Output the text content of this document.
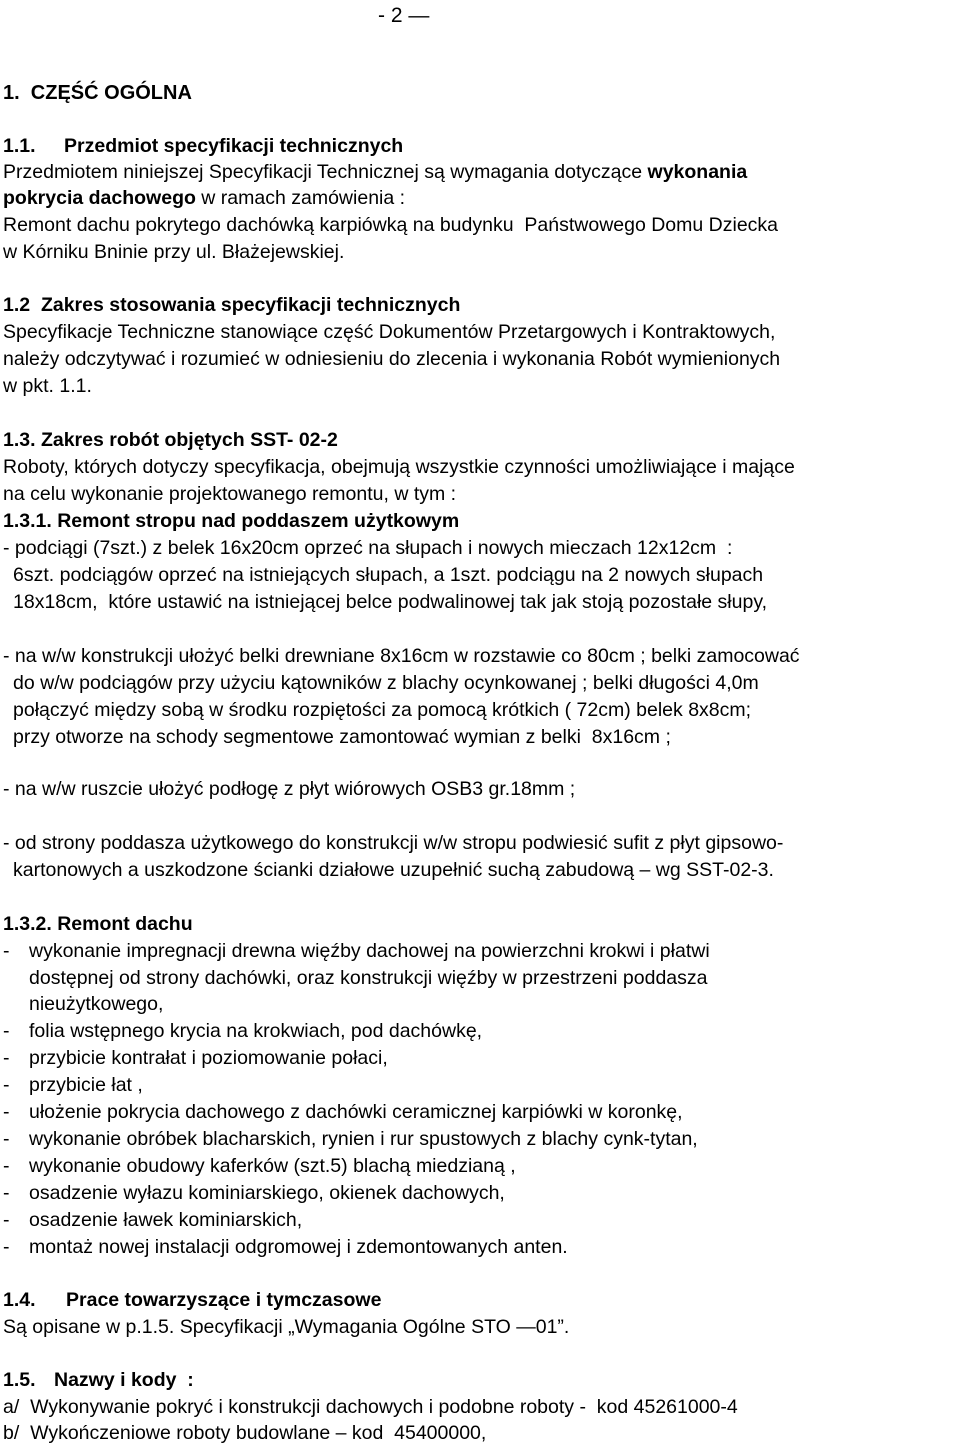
- 2 —
1.  CZĘŚĆ OGÓLNA
1.1. Przedmiot specyfikacji technicznych
Przedmiotem niniejszej Specyfikacji Technicznej są wymagania dotyczące wykonania
pokrycia dachowego w ramach zamówienia :
Remont dachu pokrytego dachówką karpiówką na budynku  Państwowego Domu Dziecka
w Kórniku Bninie przy ul. Błażejewskiej.
1.2  Zakres stosowania specyfikacji technicznych
Specyfikacje Techniczne stanowiące część Dokumentów Przetargowych i Kontraktowych,
należy odczytywać i rozumieć w odniesieniu do zlecenia i wykonania Robót wymienionych
w pkt. 1.1.
1.3. Zakres robót objętych SST- 02-2
Roboty, których dotyczy specyfikacja, obejmują wszystkie czynności umożliwiające i mające
na celu wykonanie projektowanego remontu, w tym :
1.3.1. Remont stropu nad poddaszem użytkowym
- podciągi (7szt.) z belek 16x20cm oprzeć na słupach i nowych mieczach 12x12cm  :
6szt. podciągów oprzeć na istniejących słupach, a 1szt. podciągu na 2 nowych słupach
18x18cm,  które ustawić na istniejącej belce podwalinowej tak jak stoją pozostałe słupy,
- na w/w konstrukcji ułożyć belki drewniane 8x16cm w rozstawie co 80cm ; belki zamocować
do w/w podciągów przy użyciu kątowników z blachy ocynkowanej ; belki długości 4,0m
połączyć między sobą w środku rozpiętości za pomocą krótkich ( 72cm) belek 8x8cm;
przy otworze na schody segmentowe zamontować wymian z belki  8x16cm ;
- na w/w ruszcie ułożyć podłogę z płyt wiórowych OSB3 gr.18mm ;
- od strony poddasza użytkowego do konstrukcji w/w stropu podwiesić sufit z płyt gipsowo-
kartonowych a uszkodzone ścianki działowe uzupełnić suchą zabudową – wg SST-02-3.
1.3.2. Remont dachu
- wykonanie impregnacji drewna więźby dachowej na powierzchni krokwi i płatwi
dostępnej od strony dachówki, oraz konstrukcji więźby w przestrzeni poddasza
nieużytkowego,
- folia wstępnego krycia na krokwiach, pod dachówkę,
- przybicie kontrałat i poziomowanie połaci,
- przybicie łat ,
- ułożenie pokrycia dachowego z dachówki ceramicznej karpiówki w koronkę,
- wykonanie obróbek blacharskich, rynien i rur spustowych z blachy cynk-tytan,
- wykonanie obudowy kaferków (szt.5) blachą miedzianą ,
- osadzenie wyłazu kominiarskiego, okienek dachowych,
- osadzenie ławek kominiarskich,
- montaż nowej instalacji odgromowej i zdemontowanych anten.
1.4. Prace towarzyszące i tymczasowe
Są opisane w p.1.5. Specyfikacji „Wymagania Ogólne STO —01”.
1.5. Nazwy i kody  :
a/  Wykonywanie pokryć i konstrukcji dachowych i podobne roboty -  kod 45261000-4
b/  Wykończeniowe roboty budowlane – kod  45400000,
